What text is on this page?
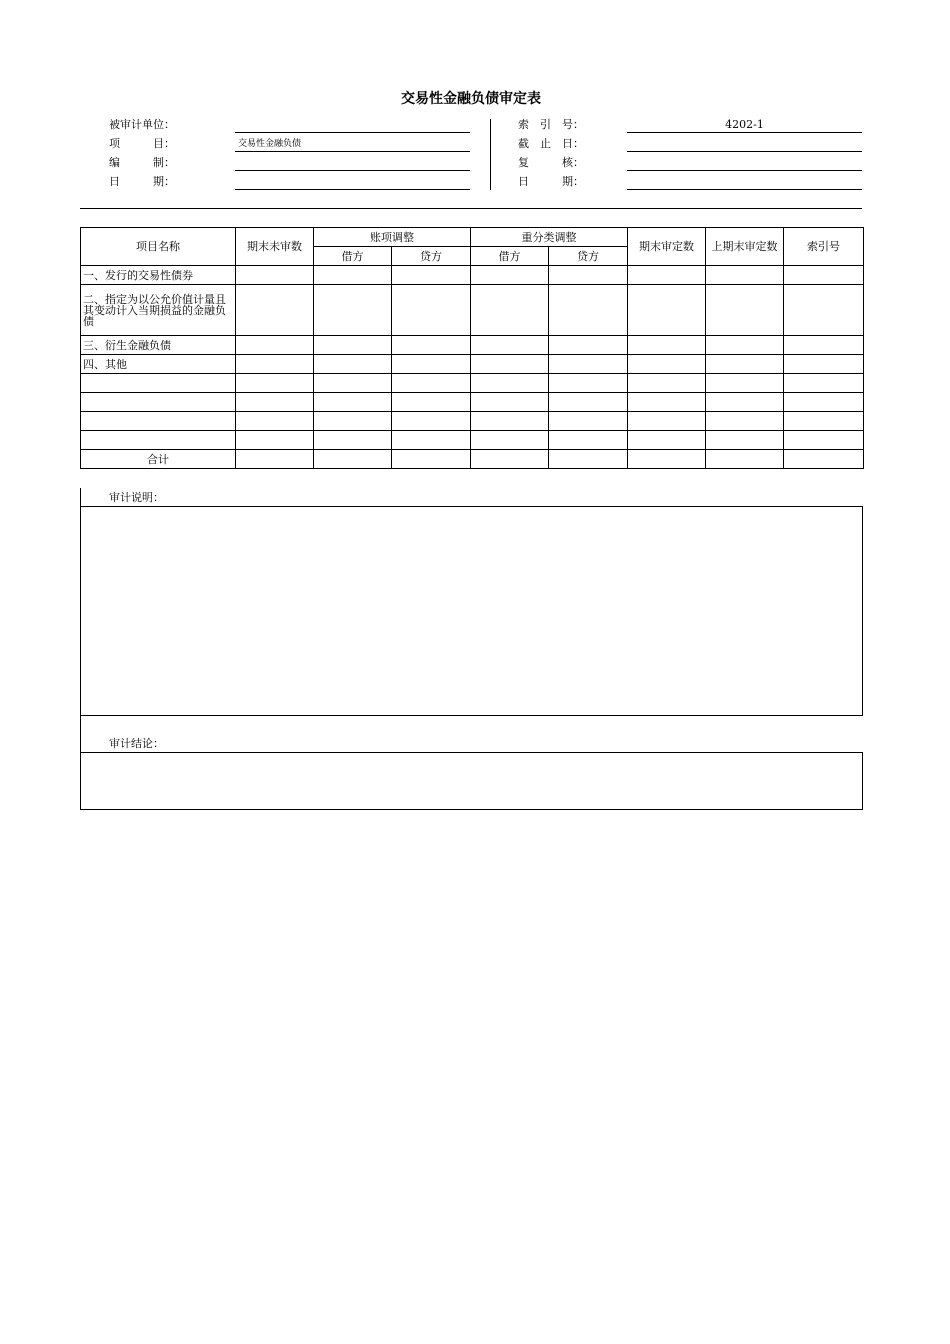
交易性金融负债审定表
被审计单位：
项　　　目：	交易性金融负债
编　　　制：
日　　　期：
索　引　号：	4202-1
截　止　日：
复　　　核：
日　　　期：
项目名称	期末未审数	账项调整		重分类调整		期末审定数	上期末审定数	索引号
		借方	贷方	借方	贷方			
一、发行的交易性债券								
二、指定为以公允价值计量且其变动计入当期损益的金融负债								
三、衍生金融负债								
四、其他								

合计								
审计说明：
审计结论：
